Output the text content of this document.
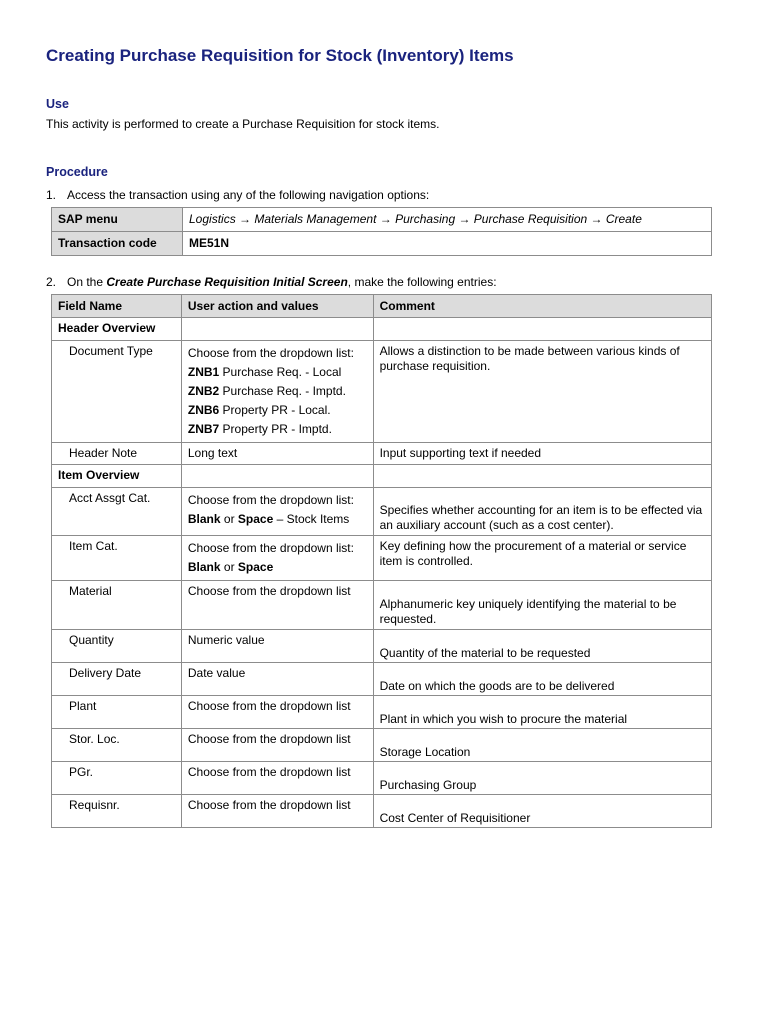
Creating Purchase Requisition for Stock (Inventory) Items
Use
This activity is performed to create a Purchase Requisition for stock items.
Procedure
1. Access the transaction using any of the following navigation options:
SAP menu	Logistics → Materials Management → Purchasing → Purchase Requisition → Create
Transaction code	ME51N
2. On the Create Purchase Requisition Initial Screen, make the following entries:
Field Name	User action and values	Comment
Header Overview		
Document Type	Choose from the dropdown list:
ZNB1 Purchase Req. - Local
ZNB2 Purchase Req. - Imptd.
ZNB6 Property PR - Local.
ZNB7 Property PR - Imptd.	Allows a distinction to be made between various kinds of purchase requisition.
Header Note	Long text	Input supporting text if needed
Item Overview		
Acct Assgt Cat.	Choose from the dropdown list:
Blank or Space – Stock Items	Specifies whether accounting for an item is to be effected via an auxiliary account (such as a cost center).
Item Cat.	Choose from the dropdown list:
Blank or Space	Key defining how the procurement of a material or service item is controlled.
Material	Choose from the dropdown list	Alphanumeric key uniquely identifying the material to be requested.
Quantity	Numeric value	Quantity of the material to be requested
Delivery Date	Date value	Date on which the goods are to be delivered
Plant	Choose from the dropdown list	Plant in which you wish to procure the material
Stor. Loc.	Choose from the dropdown list	Storage Location
PGr.	Choose from the dropdown list	Purchasing Group
Requisnr.	Choose from the dropdown list	Cost Center of Requisitioner
